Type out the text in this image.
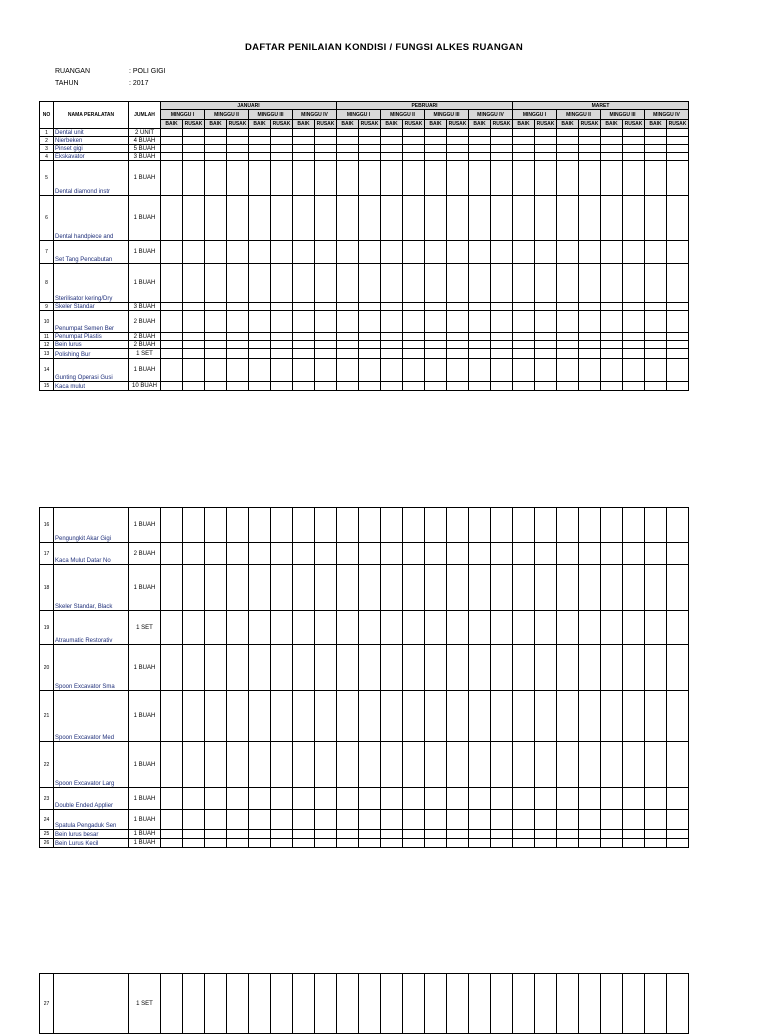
DAFTAR PENILAIAN KONDISI / FUNGSI ALKES RUANGAN
RUANGAN	: POLI GIGI
TAHUN	: 2017
NO	NAMA PERALATAN	JUMLAH	JANUARI								PEBRUARI								MARET							
			MINGGU I		MINGGU II		MINGGU III		MINGGU IV		MINGGU I		MINGGU II		MINGGU III		MINGGU IV		MINGGU I		MINGGU II		MINGGU III		MINGGU IV	
			BAIK	RUSAK	BAIK	RUSAK	BAIK	RUSAK	BAIK	RUSAK	BAIK	RUSAK	BAIK	RUSAK	BAIK	RUSAK	BAIK	RUSAK	BAIK	RUSAK	BAIK	RUSAK	BAIK	RUSAK	BAIK	RUSAK
1	Dental unit	2 UNIT																								
2	Nierbeken	4 BUAH																								
3	Pinset gigi	5 BUAH																								
4	Ekskavator	3 BUAH																								
5	Dental diamond instr	1 BUAH																								
6	Dental handpiece and	1 BUAH																								
7	Set Tang Pencabutan	1 BUAH																								
8	Sterilisator kering/Dry	1 BUAH																								
9	Skeler Standar	3 BUAH																								
10	Penumpat Semen Ber	2 BUAH																								
11	Penumpat Plastis	2 BUAH																								
12	Bein lurus	2 BUAH																								
13	Polishing Bur	1 SET																								
14	Gunting Operasi Gusi	1 BUAH																								
15	Kaca mulut	10 BUAH																								
16	Pengungkit Akar Gigi	1 BUAH																								
17	Kaca Mulut Datar No	2 BUAH																								
18	Skeler Standar, Black	1 BUAH																								
19	Atraumatic Restorativ	1 SET																								
20	Spoon Excavator Sma	1 BUAH																								
21	Spoon Excavator Med	1 BUAH																								
22	Spoon Excavator Larg	1 BUAH																								
23	Double Ended Applier	1 BUAH																								
24	Spatula Pengaduk Sen	1 BUAH																								
25	Bein lurus besar	1 BUAH																								
26	Bein Lurus Kecil	1 BUAH																								
27		1 SET																								
